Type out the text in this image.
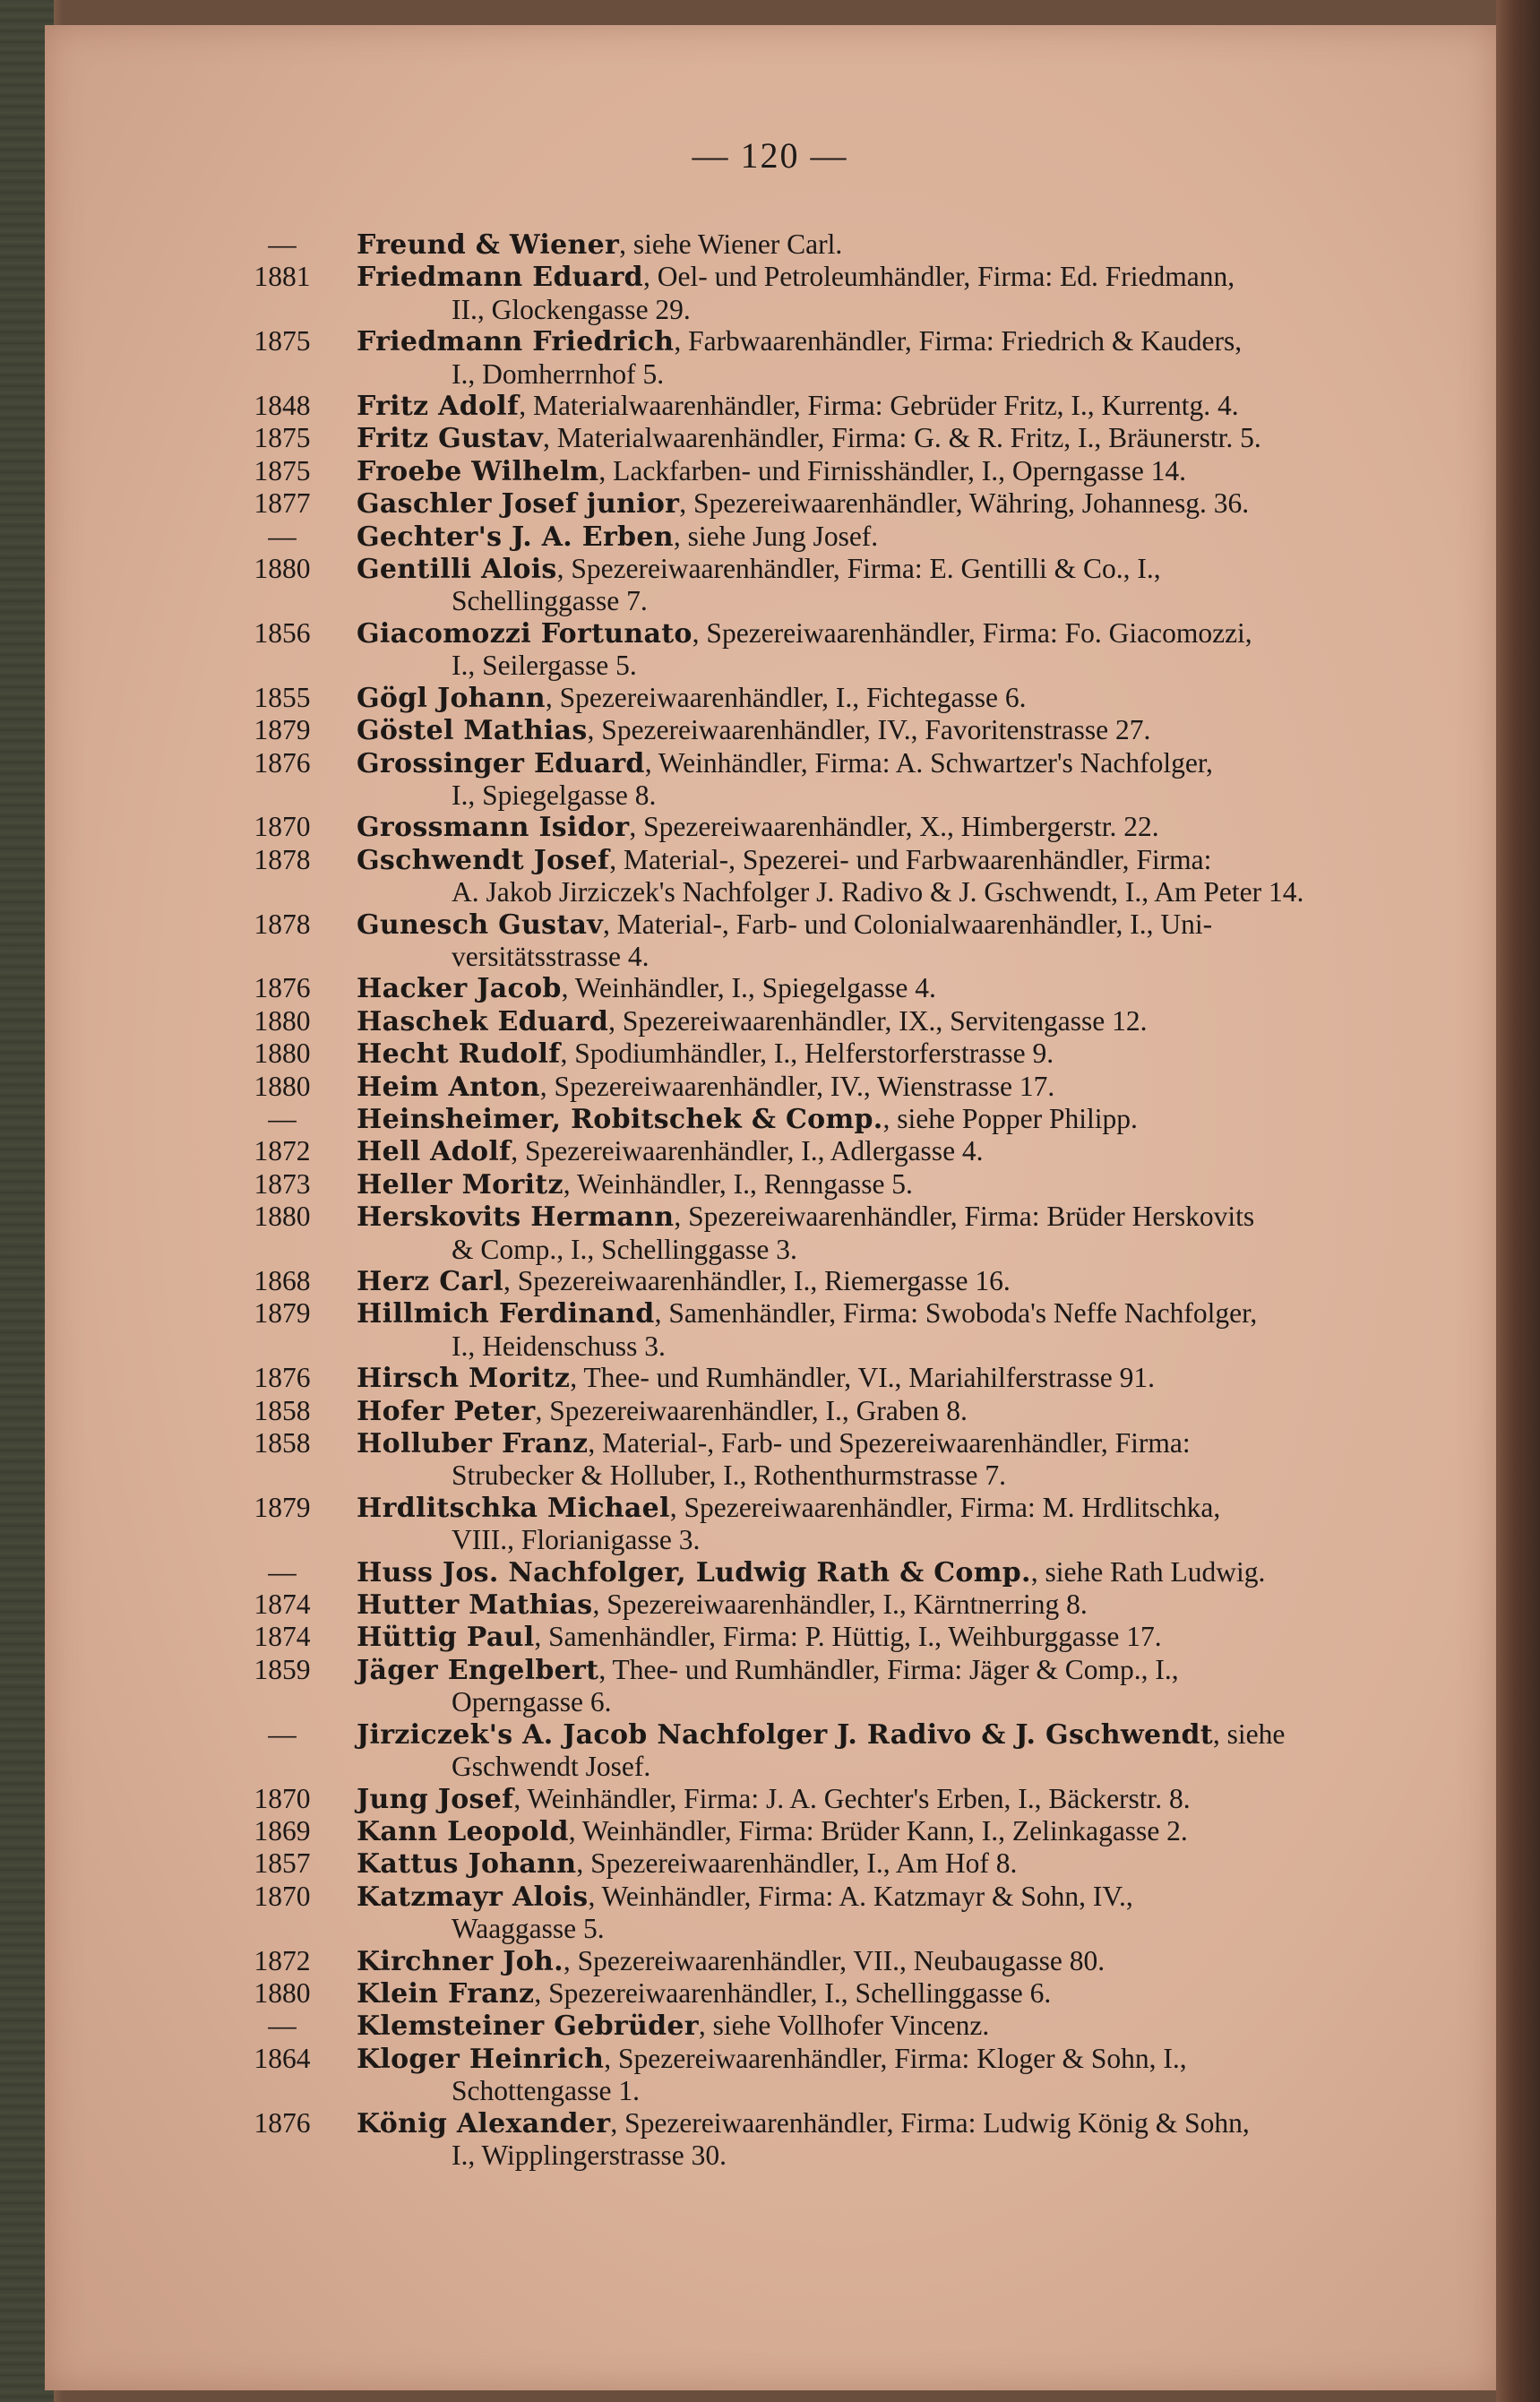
— 120 —
—	Freund & Wiener, siehe Wiener Carl.
1881	Friedmann Eduard, Oel- und Petroleumhändler, Firma: Ed. Friedmann,
II., Glockengasse 29.
1875	Friedmann Friedrich, Farbwaarenhändler, Firma: Friedrich & Kauders,
I., Domherrnhof 5.
1848	Fritz Adolf, Materialwaarenhändler, Firma: Gebrüder Fritz, I., Kurrentg. 4.
1875	Fritz Gustav, Materialwaarenhändler, Firma: G. & R. Fritz, I., Bräunerstr. 5.
1875	Froebe Wilhelm, Lackfarben- und Firnisshändler, I., Operngasse 14.
1877	Gaschler Josef junior, Spezereiwaarenhändler, Währing, Johannesg. 36.
—	Gechter's J. A. Erben, siehe Jung Josef.
1880	Gentilli Alois, Spezereiwaarenhändler, Firma: E. Gentilli & Co., I.,
Schellinggasse 7.
1856	Giacomozzi Fortunato, Spezereiwaarenhändler, Firma: Fo. Giacomozzi,
I., Seilergasse 5.
1855	Gögl Johann, Spezereiwaarenhändler, I., Fichtegasse 6.
1879	Göstel Mathias, Spezereiwaarenhändler, IV., Favoritenstrasse 27.
1876	Grossinger Eduard, Weinhändler, Firma: A. Schwartzer's Nachfolger,
I., Spiegelgasse 8.
1870	Grossmann Isidor, Spezereiwaarenhändler, X., Himbergerstr. 22.
1878	Gschwendt Josef, Material-, Spezerei- und Farbwaarenhändler, Firma:
A. Jakob Jirziczek's Nachfolger J. Radivo & J. Gschwendt, I., Am Peter 14.
1878	Gunesch Gustav, Material-, Farb- und Colonialwaarenhändler, I., Uni-
versitätsstrasse 4.
1876	Hacker Jacob, Weinhändler, I., Spiegelgasse 4.
1880	Haschek Eduard, Spezereiwaarenhändler, IX., Servitengasse 12.
1880	Hecht Rudolf, Spodiumhändler, I., Helferstorferstrasse 9.
1880	Heim Anton, Spezereiwaarenhändler, IV., Wienstrasse 17.
—	Heinsheimer, Robitschek & Comp., siehe Popper Philipp.
1872	Hell Adolf, Spezereiwaarenhändler, I., Adlergasse 4.
1873	Heller Moritz, Weinhändler, I., Renngasse 5.
1880	Herskovits Hermann, Spezereiwaarenhändler, Firma: Brüder Herskovits
& Comp., I., Schellinggasse 3.
1868	Herz Carl, Spezereiwaarenhändler, I., Riemergasse 16.
1879	Hillmich Ferdinand, Samenhändler, Firma: Swoboda's Neffe Nachfolger,
I., Heidenschuss 3.
1876	Hirsch Moritz, Thee- und Rumhändler, VI., Mariahilferstrasse 91.
1858	Hofer Peter, Spezereiwaarenhändler, I., Graben 8.
1858	Holluber Franz, Material-, Farb- und Spezereiwaarenhändler, Firma:
Strubecker & Holluber, I., Rothenthurmstrasse 7.
1879	Hrdlitschka Michael, Spezereiwaarenhändler, Firma: M. Hrdlitschka,
VIII., Florianigasse 3.
—	Huss Jos. Nachfolger, Ludwig Rath & Comp., siehe Rath Ludwig.
1874	Hutter Mathias, Spezereiwaarenhändler, I., Kärntnerring 8.
1874	Hüttig Paul, Samenhändler, Firma: P. Hüttig, I., Weihburggasse 17.
1859	Jäger Engelbert, Thee- und Rumhändler, Firma: Jäger & Comp., I.,
Operngasse 6.
—	Jirziczek's A. Jacob Nachfolger J. Radivo & J. Gschwendt, siehe
Gschwendt Josef.
1870	Jung Josef, Weinhändler, Firma: J. A. Gechter's Erben, I., Bäckerstr. 8.
1869	Kann Leopold, Weinhändler, Firma: Brüder Kann, I., Zelinkagasse 2.
1857	Kattus Johann, Spezereiwaarenhändler, I., Am Hof 8.
1870	Katzmayr Alois, Weinhändler, Firma: A. Katzmayr & Sohn, IV.,
Waaggasse 5.
1872	Kirchner Joh., Spezereiwaarenhändler, VII., Neubaugasse 80.
1880	Klein Franz, Spezereiwaarenhändler, I., Schellinggasse 6.
—	Klemsteiner Gebrüder, siehe Vollhofer Vincenz.
1864	Kloger Heinrich, Spezereiwaarenhändler, Firma: Kloger & Sohn, I.,
Schottengasse 1.
1876	König Alexander, Spezereiwaarenhändler, Firma: Ludwig König & Sohn,
I., Wipplingerstrasse 30.
